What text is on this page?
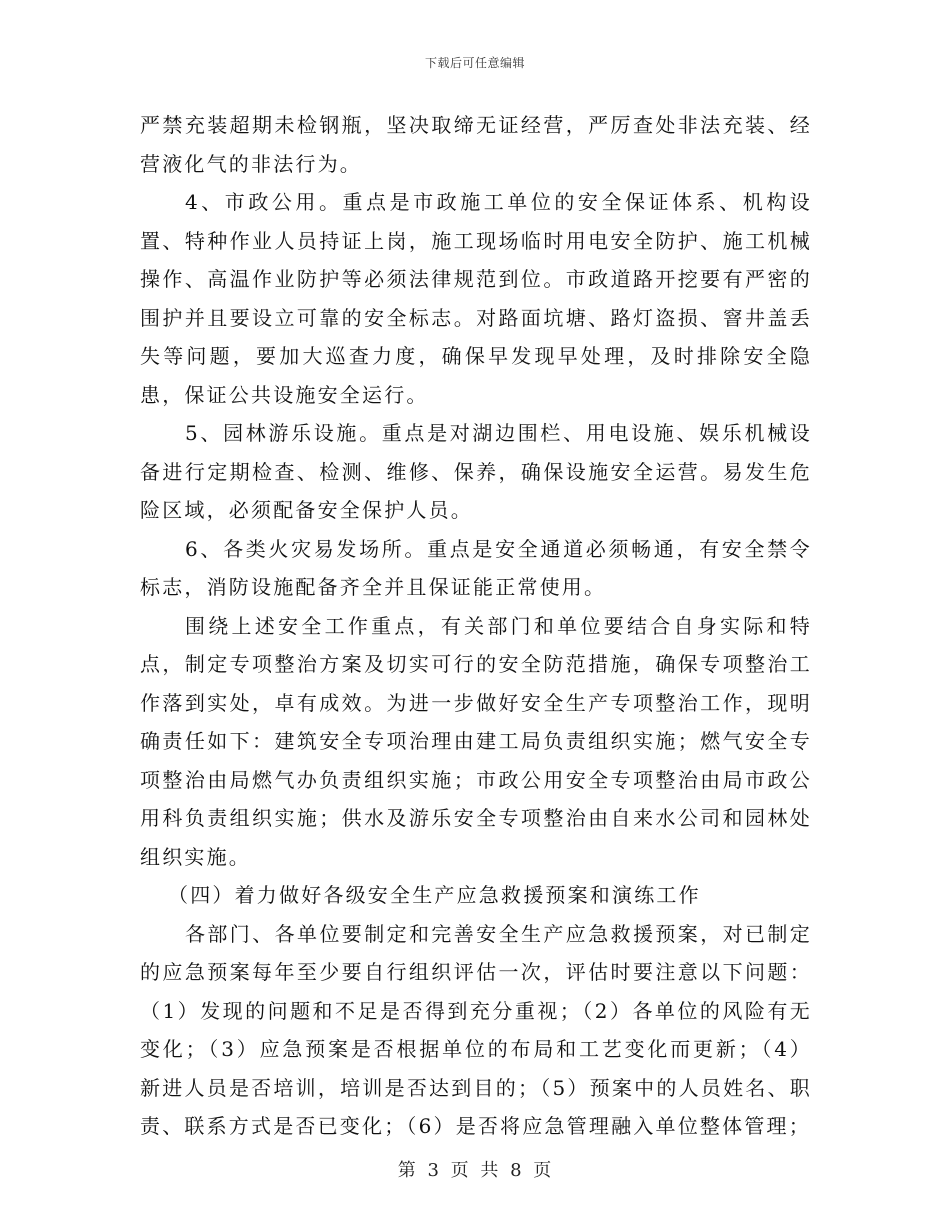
下载后可任意编辑

严禁充装超期未检钢瓶，坚决取缔无证经营，严厉查处非法充装、经营液化气的非法行为。

4、市政公用。重点是市政施工单位的安全保证体系、机构设置、特种作业人员持证上岗，施工现场临时用电安全防护、施工机械操作、高温作业防护等必须法律规范到位。市政道路开挖要有严密的围护并且要设立可靠的安全标志。对路面坑塘、路灯盗损、窨井盖丢失等问题，要加大巡查力度，确保早发现早处理，及时排除安全隐患，保证公共设施安全运行。

5、园林游乐设施。重点是对湖边围栏、用电设施、娱乐机械设备进行定期检查、检测、维修、保养，确保设施安全运营。易发生危险区域，必须配备安全保护人员。

6、各类火灾易发场所。重点是安全通道必须畅通，有安全禁令标志，消防设施配备齐全并且保证能正常使用。

围绕上述安全工作重点，有关部门和单位要结合自身实际和特点，制定专项整治方案及切实可行的安全防范措施，确保专项整治工作落到实处，卓有成效。为进一步做好安全生产专项整治工作，现明确责任如下：建筑安全专项治理由建工局负责组织实施；燃气安全专项整治由局燃气办负责组织实施；市政公用安全专项整治由局市政公用科负责组织实施；供水及游乐安全专项整治由自来水公司和园林处组织实施。

（四）着力做好各级安全生产应急救援预案和演练工作

各部门、各单位要制定和完善安全生产应急救援预案，对已制定的应急预案每年至少要自行组织评估一次，评估时要注意以下问题：（1）发现的问题和不足是否得到充分重视；（2）各单位的风险有无变化；（3）应急预案是否根据单位的布局和工艺变化而更新；（4）新进人员是否培训，培训是否达到目的；（5）预案中的人员姓名、职责、联系方式是否已变化；（6）是否将应急管理融入单位整体管理；

第 3 页 共 8 页
